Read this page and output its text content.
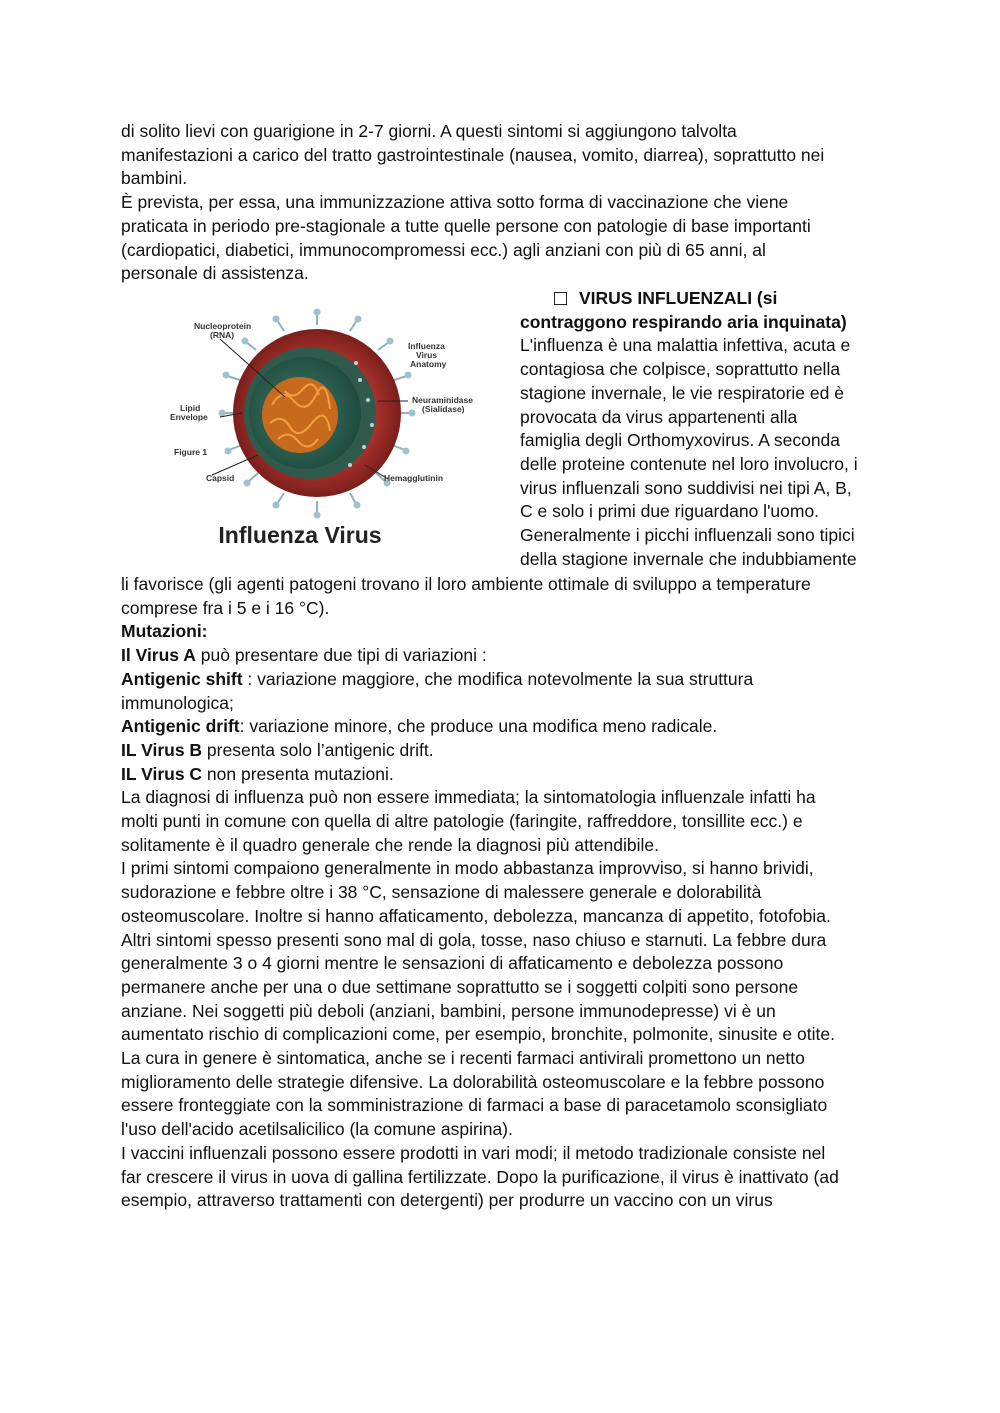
di solito lievi con guarigione in 2-7 giorni. A questi sintomi si aggiungono talvolta
manifestazioni a carico del tratto gastrointestinale (nausea, vomito, diarrea), soprattutto nei
bambini.
È prevista, per essa, una immunizzazione attiva sotto forma di vaccinazione che viene
praticata in periodo pre-stagionale a tutte quelle persone con patologie di base importanti
(cardiopatici, diabetici, immunocompromessi ecc.) agli anziani con più di 65 anni, al
personale di assistenza.
Nucleoprotein
(RNA)
Influenza
Virus
Anatomy
Lipid
Envelope
Neuraminidase
(Sialidase)
Figure 1
Capsid	Hemagglutinin
Influenza Virus
VIRUS INFLUENZALI (si
contraggono respirando aria inquinata)
L'influenza è una malattia infettiva, acuta e
contagiosa che colpisce, soprattutto nella
stagione invernale, le vie respiratorie ed è
provocata da virus appartenenti alla
famiglia degli Orthomyxovirus. A seconda
delle proteine contenute nel loro involucro, i
virus influenzali sono suddivisi nei tipi A, B,
C e solo i primi due riguardano l'uomo.
Generalmente i picchi influenzali sono tipici
della stagione invernale che indubbiamente
li favorisce (gli agenti patogeni trovano il loro ambiente ottimale di sviluppo a temperature
comprese fra i 5 e i 16 °C).
Mutazioni:
Il Virus A può presentare due tipi di variazioni :
Antigenic shift : variazione maggiore, che modifica notevolmente la sua struttura
immunologica;
Antigenic drift: variazione minore, che produce una modifica meno radicale.
IL Virus B presenta solo l’antigenic drift.
IL Virus C non presenta mutazioni.
La diagnosi di influenza può non essere immediata; la sintomatologia influenzale infatti ha
molti punti in comune con quella di altre patologie (faringite, raffreddore, tonsillite ecc.) e
solitamente è il quadro generale che rende la diagnosi più attendibile.
I primi sintomi compaiono generalmente in modo abbastanza improvviso, si hanno brividi,
sudorazione e febbre oltre i 38 °C, sensazione di malessere generale e dolorabilità
osteomuscolare. Inoltre si hanno affaticamento, debolezza, mancanza di appetito, fotofobia.
Altri sintomi spesso presenti sono mal di gola, tosse, naso chiuso e starnuti. La febbre dura
generalmente 3 o 4 giorni mentre le sensazioni di affaticamento e debolezza possono
permanere anche per una o due settimane soprattutto se i soggetti colpiti sono persone
anziane. Nei soggetti più deboli (anziani, bambini, persone immunodepresse) vi è un
aumentato rischio di complicazioni come, per esempio, bronchite, polmonite, sinusite e otite.
La cura in genere è sintomatica, anche se i recenti farmaci antivirali promettono un netto
miglioramento delle strategie difensive. La dolorabilità osteomuscolare e la febbre possono
essere fronteggiate con la somministrazione di farmaci a base di paracetamolo sconsigliato
l'uso dell'acido acetilsalicilico (la comune aspirina).
I vaccini influenzali possono essere prodotti in vari modi; il metodo tradizionale consiste nel
far crescere il virus in uova di gallina fertilizzate. Dopo la purificazione, il virus è inattivato (ad
esempio, attraverso trattamenti con detergenti) per produrre un vaccino con un virus
